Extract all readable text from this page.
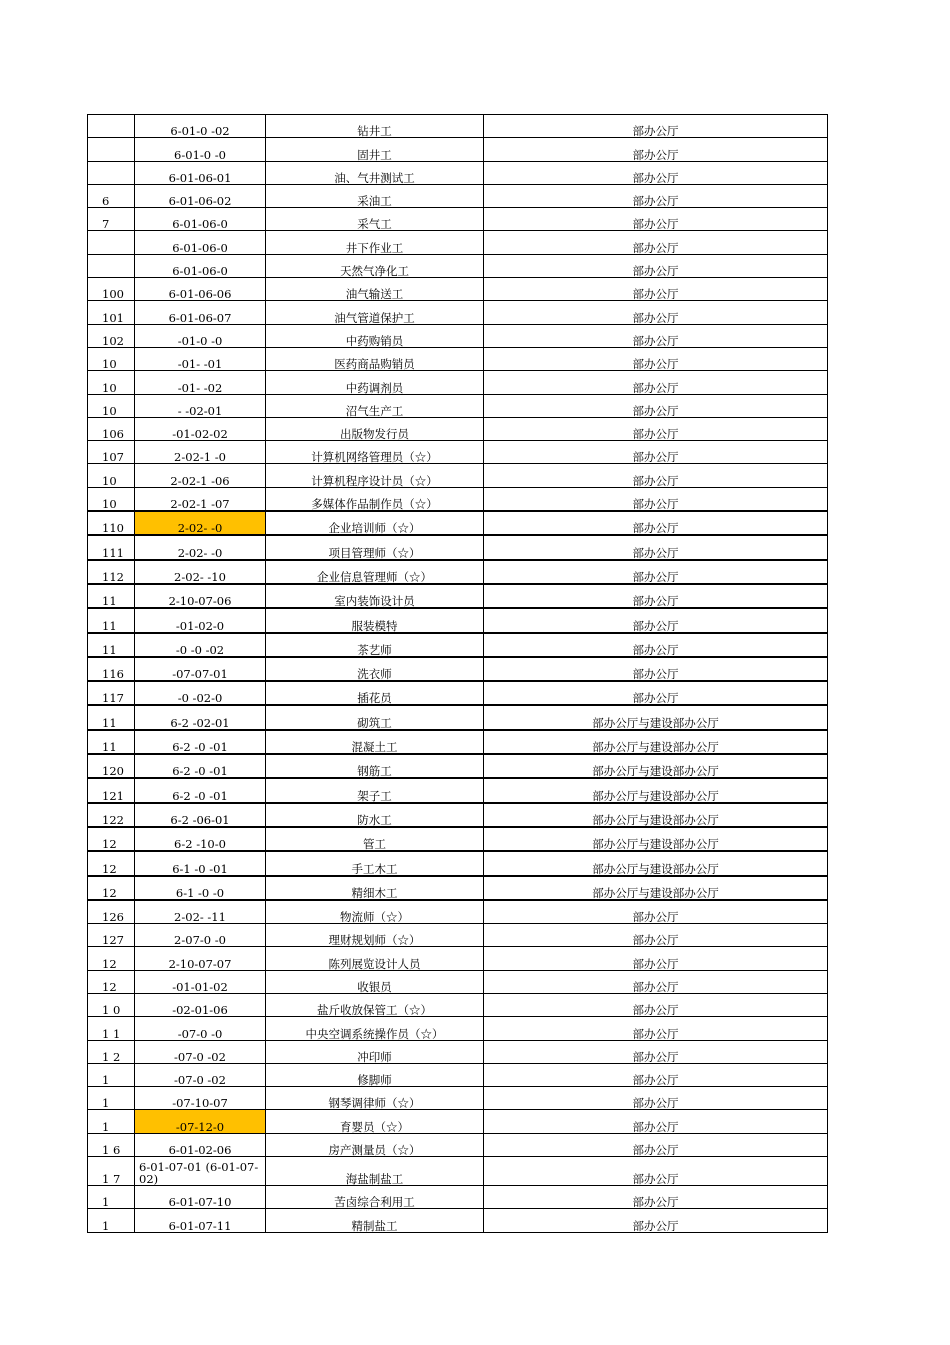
	6-01-0 -02	钻井工	部办公厅
	6-01-0 -0	固井工	部办公厅
	6-01-06-01	油、气井测试工	部办公厅
6	6-01-06-02	采油工	部办公厅
7	6-01-06-0	采气工	部办公厅
	6-01-06-0	井下作业工	部办公厅
	6-01-06-0	天然气净化工	部办公厅
100	6-01-06-06	油气输送工	部办公厅
101	6-01-06-07	油气管道保护工	部办公厅
102	-01-0 -0	中药购销员	部办公厅
10	-01- -01	医药商品购销员	部办公厅
10	-01- -02	中药调剂员	部办公厅
10	- -02-01	沼气生产工	部办公厅
106	-01-02-02	出版物发行员	部办公厅
107	2-02-1 -0	计算机网络管理员（☆）	部办公厅
10	2-02-1 -06	计算机程序设计员（☆）	部办公厅
10	2-02-1 -07	多媒体作品制作员（☆）	部办公厅
110	2-02- -0	企业培训师（☆）	部办公厅
111	2-02- -0	项目管理师（☆）	部办公厅
112	2-02- -10	企业信息管理师（☆）	部办公厅
11	2-10-07-06	室内装饰设计员	部办公厅
11	-01-02-0	服装模特	部办公厅
11	-0 -0 -02	茶艺师	部办公厅
116	-07-07-01	洗衣师	部办公厅
117	-0 -02-0	插花员	部办公厅
11	6-2 -02-01	砌筑工	部办公厅与建设部办公厅
11	6-2 -0 -01	混凝土工	部办公厅与建设部办公厅
120	6-2 -0 -01	钢筋工	部办公厅与建设部办公厅
121	6-2 -0 -01	架子工	部办公厅与建设部办公厅
122	6-2 -06-01	防水工	部办公厅与建设部办公厅
12	6-2 -10-0	管工	部办公厅与建设部办公厅
12	6-1 -0 -01	手工木工	部办公厅与建设部办公厅
12	6-1 -0 -0	精细木工	部办公厅与建设部办公厅
126	2-02- -11	物流师（☆）	部办公厅
127	2-07-0 -0	理财规划师（☆）	部办公厅
12	2-10-07-07	陈列展览设计人员	部办公厅
12	-01-01-02	收银员	部办公厅
1 0	-02-01-06	盐斤收放保管工（☆）	部办公厅
1 1	-07-0 -0	中央空调系统操作员（☆）	部办公厅
1 2	-07-0 -02	冲印师	部办公厅
1	-07-0 -02	修脚师	部办公厅
1	-07-10-07	钢琴调律师（☆）	部办公厅
1	-07-12-0	育婴员（☆）	部办公厅
1 6	6-01-02-06	房产测量员（☆）	部办公厅
1 7	6-01-07-01 (6-01-07-02)	海盐制盐工	部办公厅
1	6-01-07-10	苦卤综合利用工	部办公厅
1	6-01-07-11	精制盐工	部办公厅
